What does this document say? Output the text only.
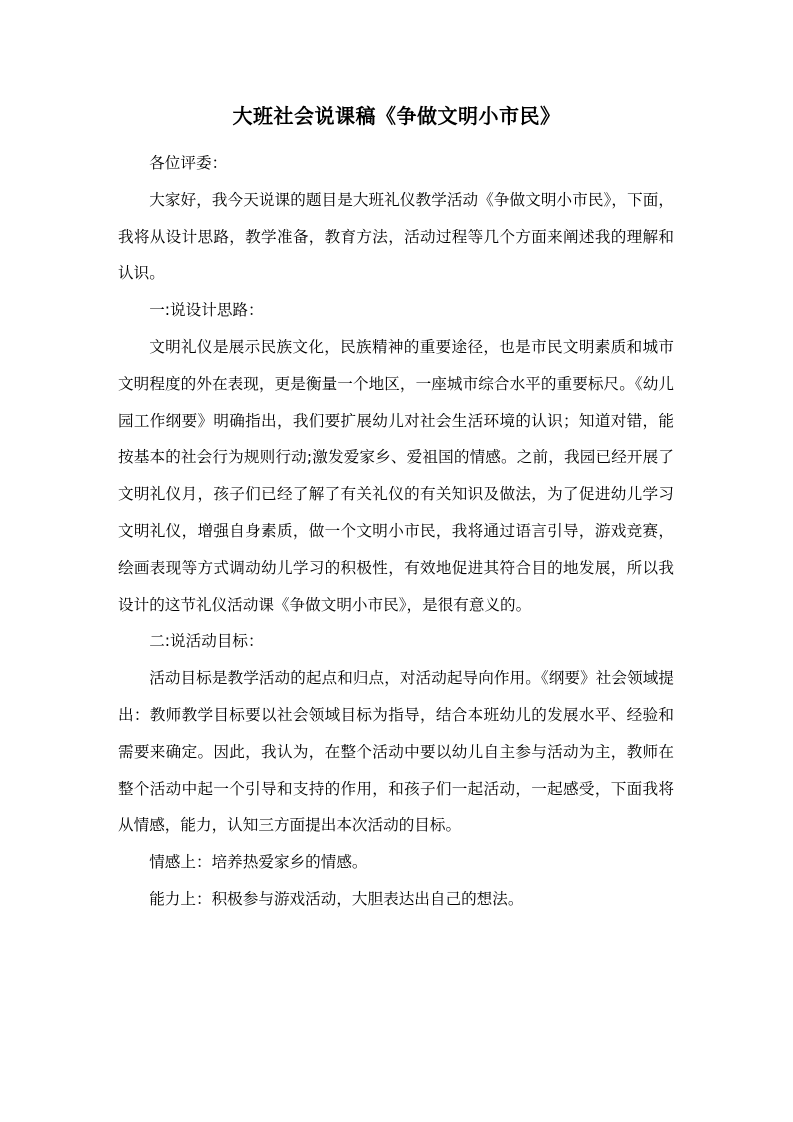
大班社会说课稿《争做文明小市民》

各位评委：

大家好，我今天说课的题目是大班礼仪教学活动《争做文明小市民》，下面，我将从设计思路，教学准备，教育方法，活动过程等几个方面来阐述我的理解和认识。

一:说设计思路：

文明礼仪是展示民族文化，民族精神的重要途径，也是市民文明素质和城市文明程度的外在表现，更是衡量一个地区，一座城市综合水平的重要标尺。《幼儿园工作纲要》明确指出，我们要扩展幼儿对社会生活环境的认识；知道对错，能按基本的社会行为规则行动;激发爱家乡、爱祖国的情感。之前，我园已经开展了文明礼仪月，孩子们已经了解了有关礼仪的有关知识及做法，为了促进幼儿学习文明礼仪，增强自身素质，做一个文明小市民，我将通过语言引导，游戏竞赛，绘画表现等方式调动幼儿学习的积极性，有效地促进其符合目的地发展，所以我设计的这节礼仪活动课《争做文明小市民》，是很有意义的。

二:说活动目标：

活动目标是教学活动的起点和归点，对活动起导向作用。《纲要》社会领域提出：教师教学目标要以社会领域目标为指导，结合本班幼儿的发展水平、经验和需要来确定。因此，我认为，在整个活动中要以幼儿自主参与活动为主，教师在整个活动中起一个引导和支持的作用，和孩子们一起活动，一起感受，下面我将从情感，能力，认知三方面提出本次活动的目标。

情感上：培养热爱家乡的情感。

能力上：积极参与游戏活动，大胆表达出自己的想法。
